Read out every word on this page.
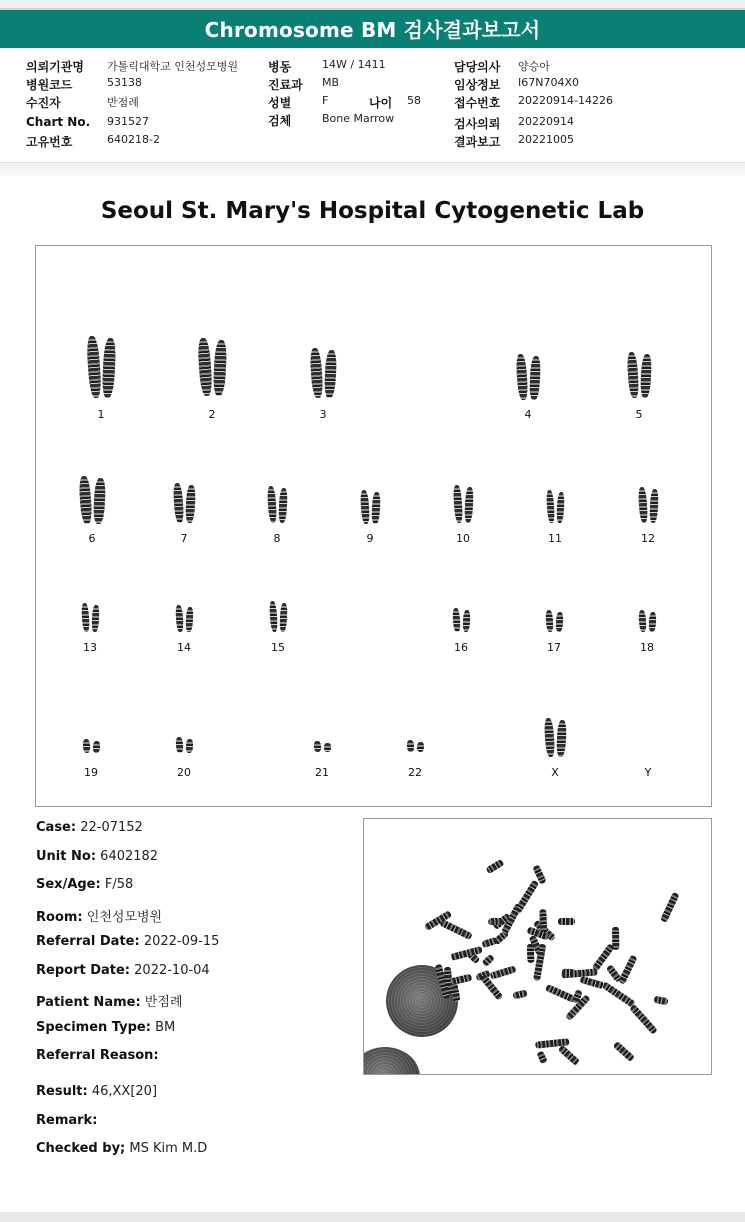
Chromosome BM 검사결과보고서
의뢰기관명 가톨릭대학교 인천성모병원
병원코드	53138
수진자	반점례
Chart No. 931527
고유번호	640218-2
병동	14W / 1411
진료과 MB
성별	F	나이 58
검체	Bone Marrow
담당의사 양승아
임상정보 I67N704X0
접수번호 20220914-14226
검사의뢰 20220914
결과보고 20221005
Seoul St. Mary's Hospital Cytogenetic Lab
1	2	3	4	5
6	7	8	9	10	11	12
13	14	15	16	17	18
19	20	21	22	X	Y
Case: 22-07152
Unit No: 6402182
Sex/Age: F/58
Room: 인천성모병원
Referral Date: 2022-09-15
Report Date: 2022-10-04
Patient Name: 반점례
Specimen Type: BM
Referral Reason:
Result: 46,XX[20]
Remark:
Checked by; MS Kim M.D
